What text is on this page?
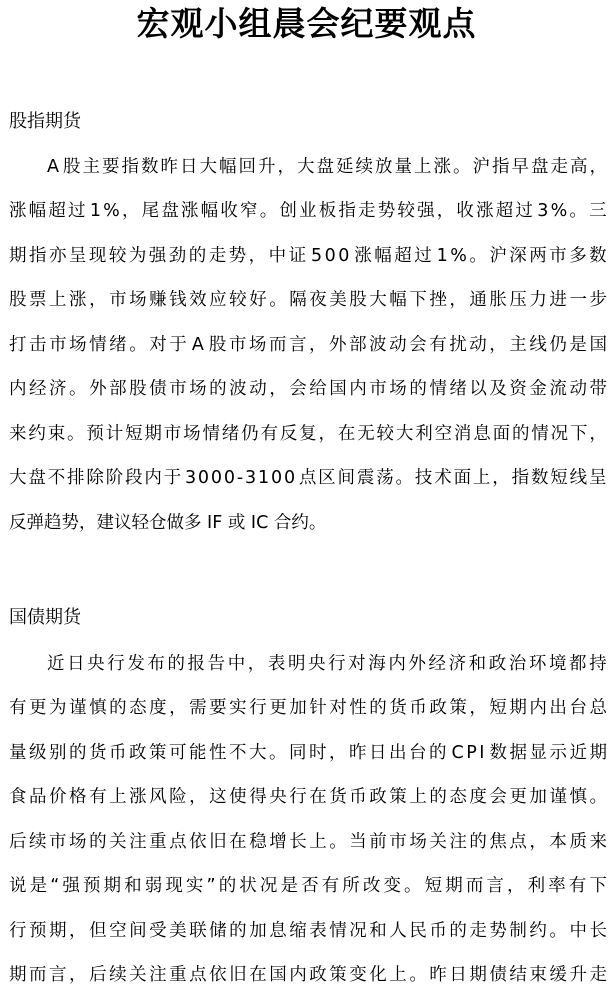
宏观小组晨会纪要观点
股指期货
A 股 主 要 指 数 昨 日 大 幅 回 升 ， 大 盘 延 续 放 量 上 涨 。 沪 指 早 盘 走 高 ，
涨 幅 超 过 1 % ， 尾 盘 涨 幅 收 窄 。 创 业 板 指 走 势 较 强 ， 收 涨 超 过 3 % 。 三
期 指 亦 呈 现 较 为 强 劲 的 走 势 ， 中 证 5 0 0 涨 幅 超 过 1 % 。 沪 深 两 市 多 数
股 票 上 涨 ， 市 场 赚 钱 效 应 较 好 。 隔 夜 美 股 大 幅 下 挫 ， 通 胀 压 力 进 一 步
打 击 市 场 情 绪 。 对 于 A 股 市 场 而 言 ， 外 部 波 动 会 有 扰 动 ， 主 线 仍 是 国
内 经 济 。 外 部 股 债 市 场 的 波 动 ， 会 给 国 内 市 场 的 情 绪 以 及 资 金 流 动 带
来 约 束 。 预 计 短 期 市 场 情 绪 仍 有 反 复 ， 在 无 较 大 利 空 消 息 面 的 情 况 下 ，
大 盘 不 排 除 阶 段 内 于 3 0 0 0 - 3 1 0 0 点 区 间 震 荡 。 技 术 面 上 ， 指 数 短 线 呈
反弹趋势，建议轻仓做多 IF 或 IC 合约。
国债期货
近 日 央 行 发 布 的 报 告 中 ， 表 明 央 行 对 海 内 外 经 济 和 政 治 环 境 都 持
有 更 为 谨 慎 的 态 度 ， 需 要 实 行 更 加 针 对 性 的 货 币 政 策 ， 短 期 内 出 台 总
量 级 别 的 货 币 政 策 可 能 性 不 大 。 同 时 ， 昨 日 出 台 的 C P I 数 据 显 示 近 期
食 品 价 格 有 上 涨 风 险 ， 这 使 得 央 行 在 货 币 政 策 上 的 态 度 会 更 加 谨 慎 。
后 续 市 场 的 关 注 重 点 依 旧 在 稳 增 长 上 。 当 前 市 场 关 注 的 焦 点 ， 本 质 来
说 是 “ 强 预 期 和 弱 现 实 ” 的 状 况 是 否 有 所 改 变 。 短 期 而 言 ， 利 率 有 下
行 预 期 ， 但 空 间 受 美 联 储 的 加 息 缩 表 情 况 和 人 民 币 的 走 势 制 约 。 中 长
期 而 言 ， 后 续 关 注 重 点 依 旧 在 国 内 政 策 变 化 上 。 昨 日 期 债 结 束 缓 升 走
